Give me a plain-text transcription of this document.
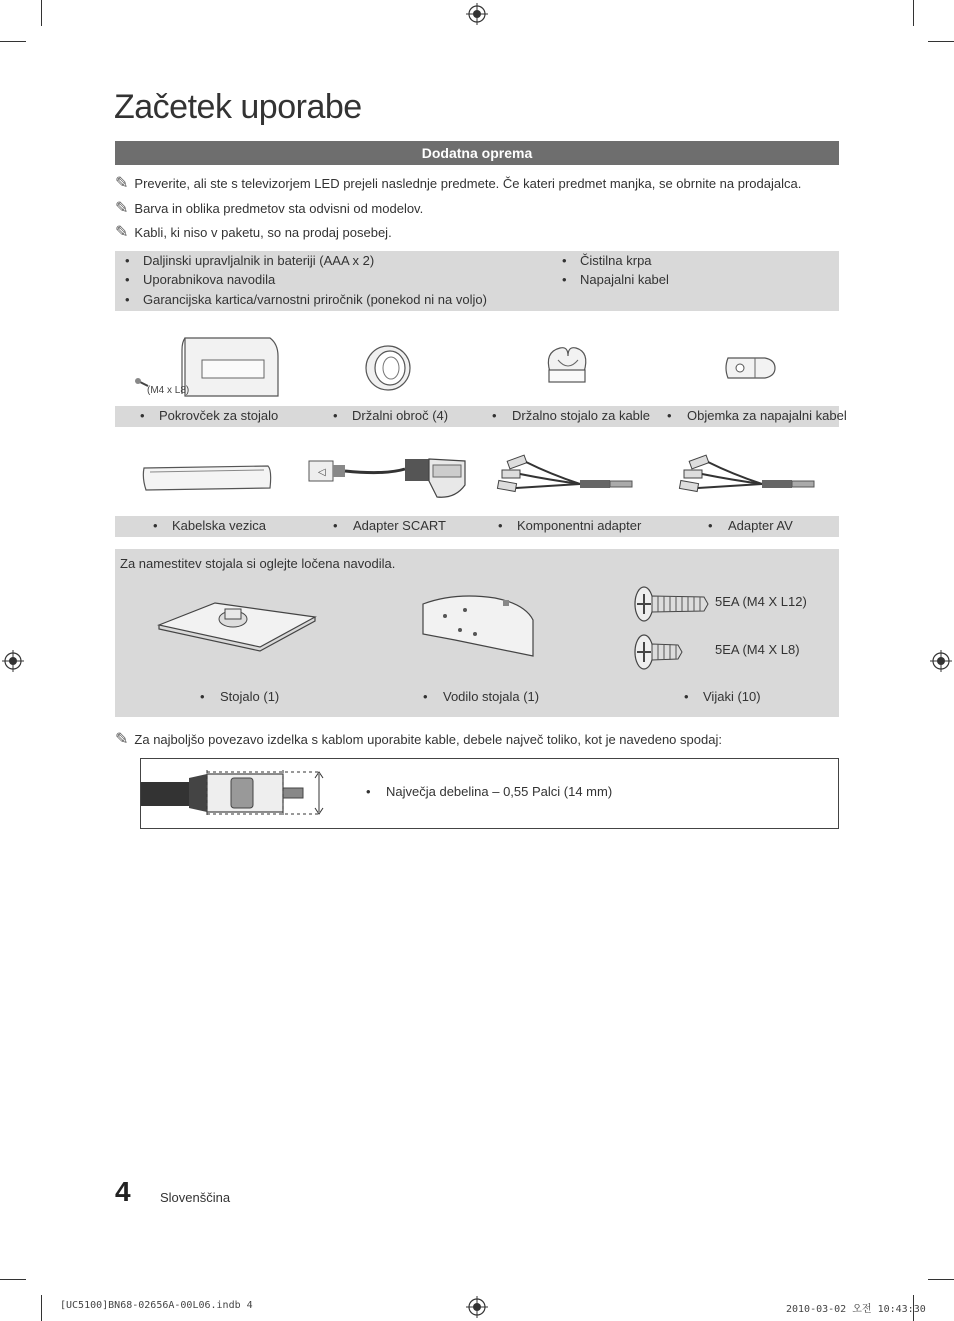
Začetek uporabe
Dodatna oprema
✎ Preverite, ali ste s televizorjem LED prejeli naslednje predmete. Če kateri predmet manjka, se obrnite na prodajalca.
✎ Barva in oblika predmetov sta odvisni od modelov.
✎ Kabli, ki niso v paketu, so na prodaj posebej.
• Daljinski upravljalnik in bateriji (AAA x 2)
• Uporabnikova navodila
• Garancijska kartica/varnostni priročnik (ponekod ni na voljo)
• Čistilna krpa
• Napajalni kabel
(M4 x L8)
• Pokrovček za stojalo	• Držalni obroč (4)	• Držalno stojalo za kable • Objemka za napajalni kabel
◁
• Kabelska vezica	• Adapter SCART	• Komponentni adapter	• Adapter AV
Za namestitev stojala si oglejte ločena navodila.
5EA (M4 X L12)
5EA (M4 X L8)
• Stojalo (1)	• Vodilo stojala (1)	• Vijaki (10)
✎ Za najboljšo povezavo izdelka s kablom uporabite kable, debele največ toliko, kot je navedeno spodaj:
• Največja debelina – 0,55 Palci (14 mm)
4 Slovenščina
[UC5100]BN68-02656A-00L06.indb 4	2010-03-02 오전 10:43:30
